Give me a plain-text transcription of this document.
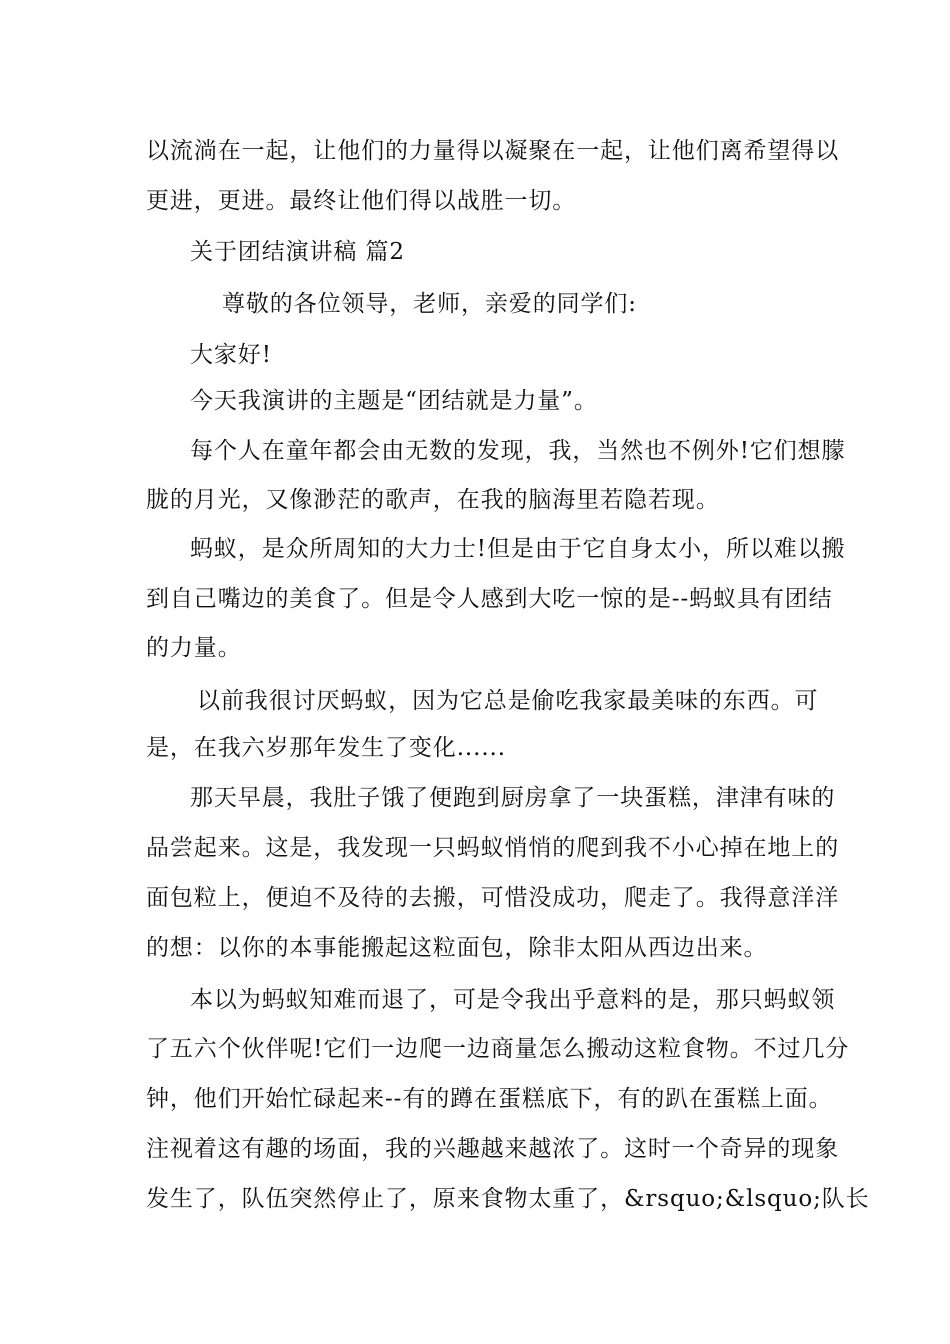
以流淌在一起，让他们的力量得以凝聚在一起，让他们离希望得以
更进，更进。最终让他们得以战胜一切。
关于团结演讲稿 篇2
尊敬的各位领导，老师，亲爱的同学们:
大家好!
今天我演讲的主题是“团结就是力量”。
每个人在童年都会由无数的发现，我，当然也不例外!它们想朦
胧的月光，又像渺茫的歌声，在我的脑海里若隐若现。
蚂蚁，是众所周知的大力士!但是由于它自身太小，所以难以搬
到自己嘴边的美食了。但是令人感到大吃一惊的是--蚂蚁具有团结
的力量。
以前我很讨厌蚂蚁，因为它总是偷吃我家最美味的东西。可
是，在我六岁那年发生了变化......
那天早晨，我肚子饿了便跑到厨房拿了一块蛋糕，津津有味的
品尝起来。这是，我发现一只蚂蚁悄悄的爬到我不小心掉在地上的
面包粒上，便迫不及待的去搬，可惜没成功，爬走了。我得意洋洋
的想：以你的本事能搬起这粒面包，除非太阳从西边出来。
本以为蚂蚁知难而退了，可是令我出乎意料的是，那只蚂蚁领
了五六个伙伴呢!它们一边爬一边商量怎么搬动这粒食物。不过几分
钟，他们开始忙碌起来--有的蹲在蛋糕底下，有的趴在蛋糕上面。
注视着这有趣的场面，我的兴趣越来越浓了。这时一个奇异的现象
发生了，队伍突然停止了，原来食物太重了，&rsquo;&lsquo;队长
